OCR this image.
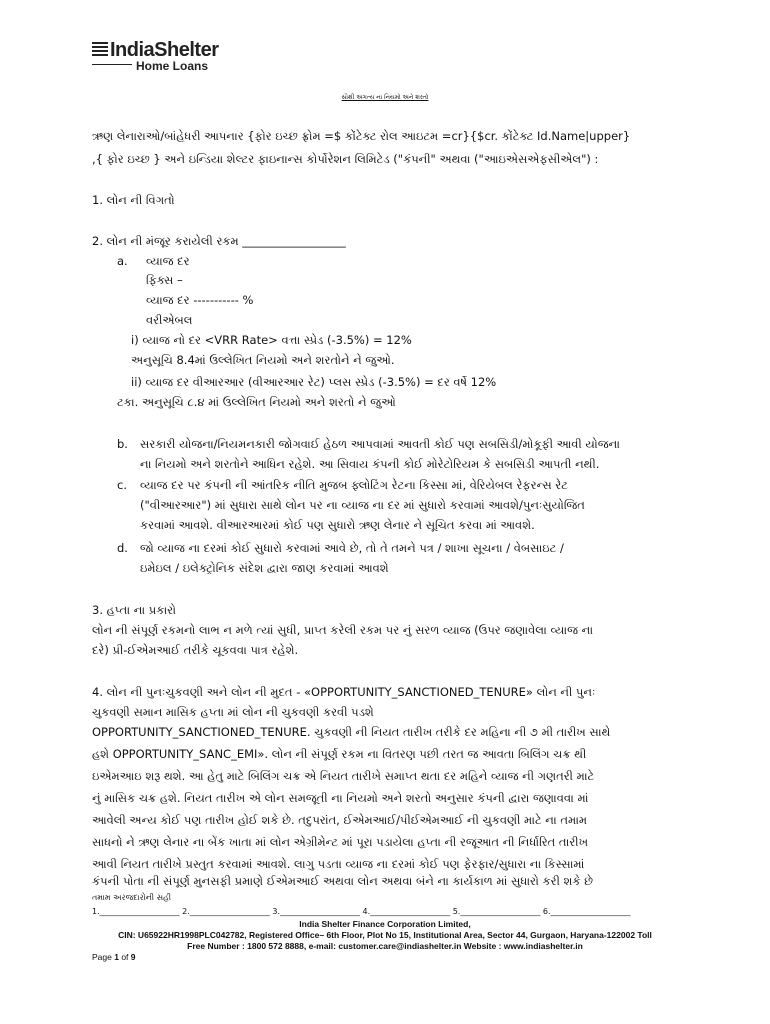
IndiaShelter
Home Loans
સૌથી અગત્ય ના નિયમો અને શરતો
ઋણ લેનારાઓ/બાંહેધરી આપનાર {ફોર ઇચ્છ ફ્રોમ =$ કોંટેક્ટ રોલ આઇટમ =cr}{$cr. કોંટેક્ટ Id.Name|upper}
,{ ફોર ઇચ્છ } અને ઇન્ડિયા શેલ્ટર ફાઇનાન્સ કોર્પોરેશન લિમિટેડ ("કંપની" અથવા ("આઇએસએફસીએલ") :
1. લોન ની વિગતો
2. લોન ની મંજૂર કરાયેલી રકમ __________________
a. વ્યાજ દર
ફિક્સ –
વ્યાજ દર ----------- %
વરીએબલ
i) વ્યાજ નો દર <VRR Rate> વત્તા સ્પ્રેડ (-3.5%) = 12%
અનુસૂચિ 8.4માં ઉલ્લેખિત નિયમો અને શરતોને ને જુઓ.
ii) વ્યાજ દર વીઆરઆર (વીઆરઆર રેટ) પ્લસ સ્પ્રેડ (-3.5%) = દર વર્ષે 12%
ટકા. અનુસૂચિ ૮.૪ માં ઉલ્લેખિત નિયમો અને શરતો ને જુઓ
b. સરકારી યોજના/નિયમનકારી જોગવાઈ હેઠળ આપવામાં આવતી કોઈ પણ સબસિડી/મોકૂફી આવી યોજના
ના નિયમો અને શરતોને આધિન રહેશે. આ સિવાય કંપની કોઈ મોરેટોરિયમ કે સબસિડી આપતી નથી.
c. વ્યાજ દર પર કંપની ની આંતરિક નીતિ મુજબ ફ્લોટિંગ રેટના કિસ્સા માં, વેરિયેબલ રેફરન્સ રેટ
("વીઆરઆર") માં સુધારા સાથે લોન પર ના વ્યાજ ના દર માં સુધારો કરવામાં આવશે/પુનઃસુયોજિત
કરવામાં આવશે. વીઆરઆરમાં કોઈ પણ સુધારો ઋણ લેનાર ને સૂચિત કરવા માં આવશે.
d. જો વ્યાજ ના દરમાં કોઈ સુધારો કરવામાં આવે છે, તો તે તમને પત્ર / શાખા સૂચના / વેબસાઇટ /
ઇમેઇલ / ઇલેક્ટ્રોનિક સંદેશ દ્વારા જાણ કરવામાં આવશે
3. હપ્તા ના પ્રકારો
લોન ની સંપૂર્ણ રકમનો લાભ ન મળે ત્યાં સુધી, પ્રાપ્ત કરેલી રકમ પર નું સરળ વ્યાજ (ઉપર જણાવેલા વ્યાજ ના
દરે) પ્રી-ઈએમઆઈ તરીકે ચૂકવવા પાત્ર રહેશે.
4. લોન ની પુનઃચુકવણી અને લોન ની મુદત - «OPPORTUNITY_SANCTIONED_TENURE» લોન ની પુનઃ
ચુકવણી સમાન માસિક હપ્તા માં લોન ની ચુકવણી કરવી પડશે
OPPORTUNITY_SANCTIONED_TENURE. ચુકવણી ની નિયત તારીખ તરીકે દર મહિના ની ૭ મી તારીખ સાથે
હશે OPPORTUNITY_SANC_EMI». લોન ની સંપૂર્ણ રકમ ના વિતરણ પછી તરત જ આવતા બિલિંગ ચક્ર થી
ઇએમઆઇ શરૂ થશે. આ હેતુ માટે બિલિંગ ચક્ર એ નિયત તારીખે સમાપ્ત થતા દર મહિને વ્યાજ ની ગણતરી માટે
નું માસિક ચક્ર હશે. નિયત તારીખ એ લોન સમજૂતી ના નિયમો અને શરતો અનુસાર કંપની દ્વારા જણાવવા માં
આવેલી અન્ય કોઈ પણ તારીખ હોઈ શકે છે. તદુપરાંત, ઈએમઆઈ/પીઈએમઆઈ ની ચુકવણી માટે ના તમામ
સાધનો ને ઋણ લેનાર ના બેંક ખાતા માં લોન એગ્રીમેન્ટ માં પૂરા પડાયેલા હપ્તા ની રજૂઆત ની નિર્ધારિત તારીખ
આવી નિયત તારીખે પ્રસ્તુત કરવામાં આવશે. લાગુ પડતા વ્યાજ ના દરમાં કોઈ પણ ફેરફાર/સુધારા ના કિસ્સામાં
કંપની પોતા ની સંપૂર્ણ મુનસફી પ્રમાણે ઈએમઆઈ અથવા લોન અથવા બંને ના કાર્યકાળ માં સુધારો કરી શકે છે
તમામ અરજદારોની સહી
1.____________________ 2.____________________ 3.____________________ 4.____________________ 5.____________________ 6.____________________
India Shelter Finance Corporation Limited,
CIN: U65922HR1998PLC042782, Registered Office– 6th Floor, Plot No 15, Institutional Area, Sector 44, Gurgaon, Haryana-122002 Toll
Free Number : 1800 572 8888, e-mail: customer.care@indiashelter.in Website : www.indiashelter.in
Page 1 of 9
